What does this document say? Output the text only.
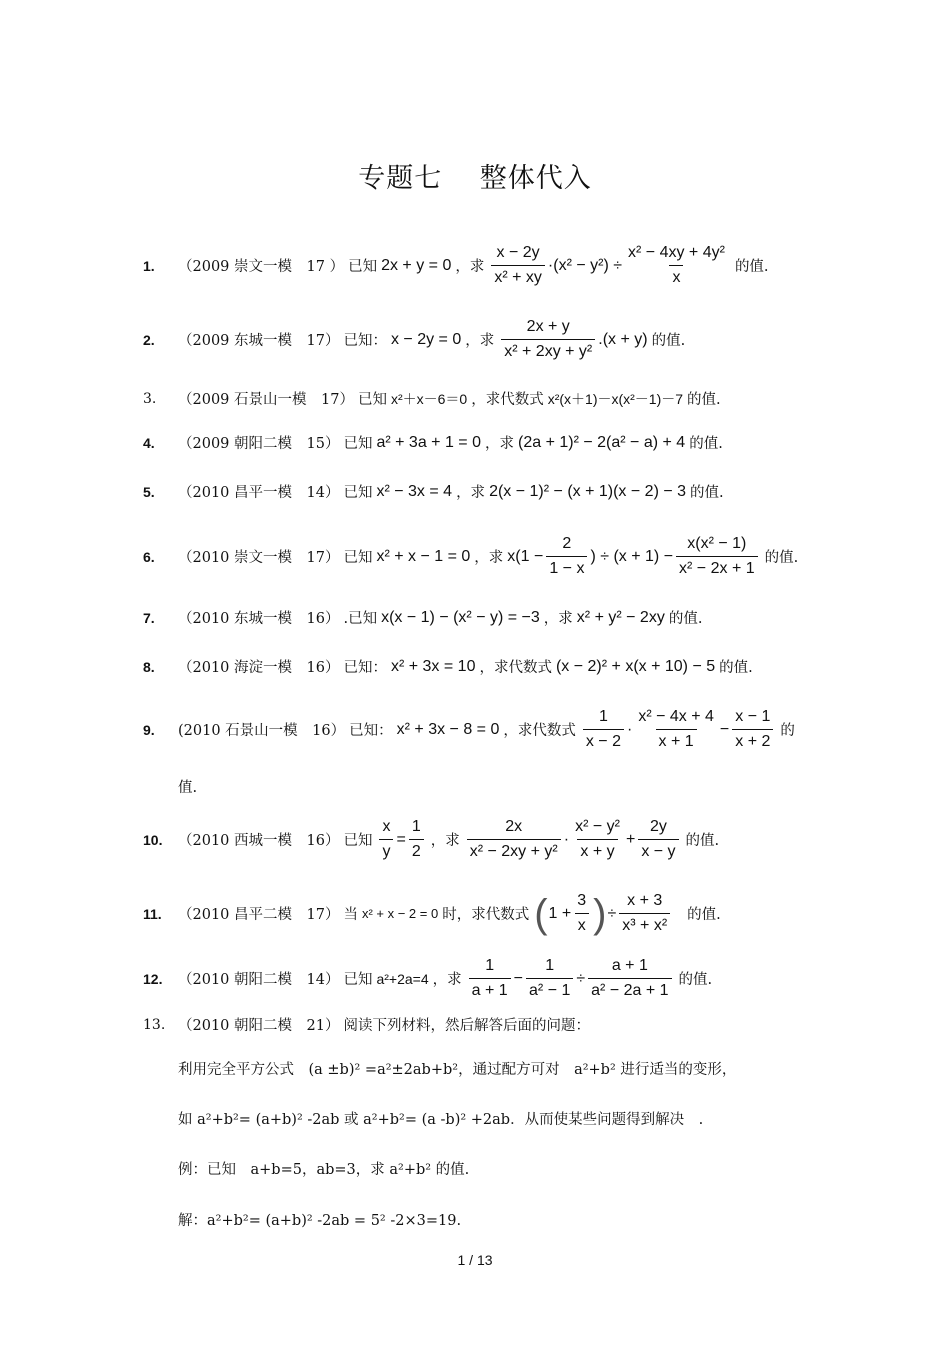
专题七　 整体代入
1.	（2009 崇文一模　17 ） 已知 2x + y = 0 ，求 $\frac{x - 2y}{\text{x² + xy}} \cdot(x^2 - y^2) \div \frac{\text{x² − 4xy + 4y²}}{x}$ 的值.
2.	（2009 东城一模　17） 已知： x − 2y = 0 ，求 $\frac{2x + y}{\text{x² + 2xy + y²}} .(x + y)$ 的值.
3.	（2009 石景山一模　17） 已知 x²＋x－6＝0 ，求代数式 x²(x＋1)－x(x²－1)－7 的值.
4.	（2009 朝阳二模　15） 已知 a² + 3a + 1 = 0 ，求 (2a + 1)² − 2(a² − a) + 4 的值.
5.	（2010 昌平一模　14） 已知 x² − 3x = 4 ，求 2(x − 1)² − (x + 1)(x − 2) − 3 的值.
6.	（2010 崇文一模　17） 已知 x² + x − 1 = 0 ，求 $x(1 - \frac{2}{1 - x}$ ) ÷ $(x + 1) - \frac{\text{x(x² − 1)}}{\text{x² − 2x + 1}}$ 的值.
7.	（2010 东城一模　16） .已知 x(x − 1) − (x² − y) = −3 ，求 x² + y² − 2xy 的值.
8.	（2010 海淀一模　16） 已知： x² + 3x = 10 ，求代数式 (x − 2)² + x(x + 10) − 5 的值.
9.	(2010 石景山一模　16） 已知： x² + 3x − 8 = 0 ，求代数式 $\frac{1}{x - 2} \cdot \frac{\text{x² − 4x + 4}}{x + 1} - \frac{x - 1}{x + 2}$ 的
值.
10.	（2010 西城一模　16） 已知 $\frac{x}{y} = \frac{1}{2}$ ，求 $\frac{2x}{\text{x² − 2xy + y²}} \cdot \frac{\text{x² − y²}}{x + y} + \frac{2y}{x - y}$ 的值.
11.	（2010 昌平二模　17） 当 x² + x − 2 = 0 时，求代数式 ( $1 + \frac{3}{x}$ ) ÷ $\frac{x + 3}{\text{x³ + x²}}$ 的值.
12.	（2010 朝阳二模　14） 已知 a²+2a=4 ，求 $\frac{1}{a + 1} - \frac{1}{\text{a² − 1}} \div \frac{a + 1}{\text{a² − 2a + 1}}$ 的值.
13. （2010 朝阳二模　21） 阅读下列材料，然后解答后面的问题：
利用完全平方公式　(a ±b)² =a²±2ab+b²，通过配方可对　a²+b² 进行适当的变形，
如 a²+b²= (a+b)² -2ab 或 a²+b²= (a -b)² +2ab．从而使某些问题得到解决　.
例：已知　a+b=5，ab=3，求 a²+b² 的值.
解：a²+b²= (a+b)² -2ab = 5² -2×3=19.
1 / 13
